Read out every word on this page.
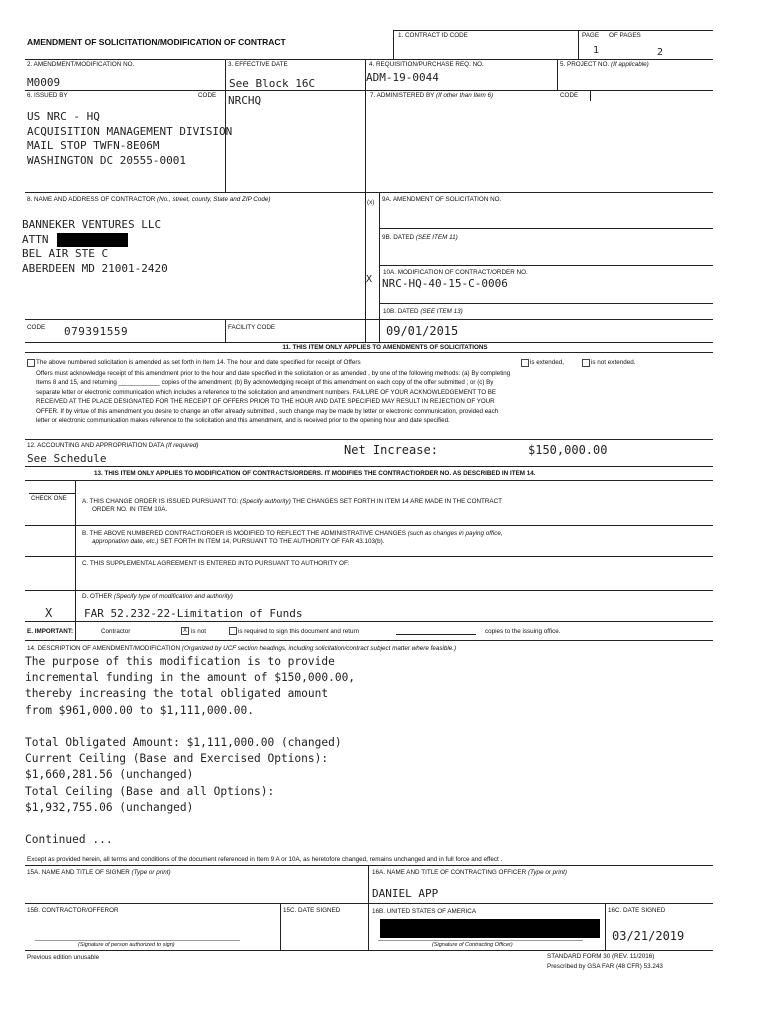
AMENDMENT OF SOLICITATION/MODIFICATION OF CONTRACT
1. CONTRACT ID CODE	PAGE OF PAGES
1	2
2. AMENDMENT/MODIFICATION NO.
M0009
3. EFFECTIVE DATE
See Block 16C
4. REQUISITION/PURCHASE REQ. NO.
ADM-19-0044
5. PROJECT NO. (If applicable)
6. ISSUED BY	CODE NRCHQ	7. ADMINISTERED BY (If other than Item 6)	CODE
US NRC - HQ
ACQUISITION MANAGEMENT DIVISION
MAIL STOP TWFN-8E06M
WASHINGTON DC 20555-0001
8. NAME AND ADDRESS OF CONTRACTOR (No., street, county, State and ZIP Code)
BANNEKER VENTURES LLC
ATTN
BEL AIR STE C
ABERDEEN MD 21001-2420
CODE 079391559	FACILITY CODE
(x) 9A. AMENDMENT OF SOLICITATION NO.
9B. DATED (SEE ITEM 11)
X
10A. MODIFICATION OF CONTRACT/ORDER NO.
NRC-HQ-40-15-C-0006
10B. DATED (SEE ITEM 13)
09/01/2015
11. THIS ITEM ONLY APPLIES TO AMENDMENTS OF SOLICITATIONS
The above numbered solicitation is amended as set forth in Item 14. The hour and date specified for receipt of Offers	is extended,	is not extended.
Offers must acknowledge receipt of this amendment prior to the hour and date specified in the solicitation or as amended , by one of the following methods: (a) By completing
Items 8 and 15, and returning ____________ copies of the amendment; (b) By acknowledging receipt of this amendment on each copy of the offer submitted ; or (c) By
separate letter or electronic communication which includes a reference to the solicitation and amendment numbers. FAILURE OF YOUR ACKNOWLEDGEMENT TO BE
RECEIVED AT THE PLACE DESIGNATED FOR THE RECEIPT OF OFFERS PRIOR TO THE HOUR AND DATE SPECIFIED MAY RESULT IN REJECTION OF YOUR
OFFER. If by virtue of this amendment you desire to change an offer already submitted , such change may be made by letter or electronic communication, provided each
letter or electronic communication makes reference to the solicitation and this amendment, and is received prior to the opening hour and date specified.
12. ACCOUNTING AND APPROPRIATION DATA (If required)
See Schedule
Net Increase:	$150,000.00
13. THIS ITEM ONLY APPLIES TO MODIFICATION OF CONTRACTS/ORDERS. IT MODIFIES THE CONTRACT/ORDER NO. AS DESCRIBED IN ITEM 14.
CHECK ONE A. THIS CHANGE ORDER IS ISSUED PURSUANT TO: (Specify authority) THE CHANGES SET FORTH IN ITEM 14 ARE MADE IN THE CONTRACT
ORDER NO. IN ITEM 10A.
B. THE ABOVE NUMBERED CONTRACT/ORDER IS MODIFIED TO REFLECT THE ADMINISTRATIVE CHANGES (such as changes in paying office,
appropriation date, etc.) SET FORTH IN ITEM 14, PURSUANT TO THE AUTHORITY OF FAR 43.103(b).
C. THIS SUPPLEMENTAL AGREEMENT IS ENTERED INTO PURSUANT TO AUTHORITY OF:
D. OTHER (Specify type of modification and authority)
X	FAR 52.232-22-Limitation of Funds
E. IMPORTANT:	Contractor	X is not	is required to sign this document and return	copies to the issuing office.
14. DESCRIPTION OF AMENDMENT/MODIFICATION (Organized by UCF section headings, including solicitation/contract subject matter where feasible.)
The purpose of this modification is to provide
incremental funding in the amount of $150,000.00,
thereby increasing the total obligated amount
from $961,000.00 to $1,111,000.00.
Total Obligated Amount: $1,111,000.00 (changed)
Current Ceiling (Base and Exercised Options):
$1,660,281.56 (unchanged)
Total Ceiling (Base and all Options):
$1,932,755.06 (unchanged)
Continued ...
Except as provided herein, all terms and conditions of the document referenced in Item 9 A or 10A, as heretofore changed, remains unchanged and in full force and effect .
15A. NAME AND TITLE OF SIGNER (Type or print)	16A. NAME AND TITLE OF CONTRACTING OFFICER (Type or print)
DANIEL APP
15B. CONTRACTOR/OFFEROR	15C. DATE SIGNED	16B. UNITED STATES OF AMERICA	16C. DATE SIGNED
03/21/2019
(Signature of person authorized to sign)	(Signature of Contracting Officer)
Previous edition unusable	STANDARD FORM 30 (REV. 11/2016)
Prescribed by GSA FAR (48 CFR) 53.243
